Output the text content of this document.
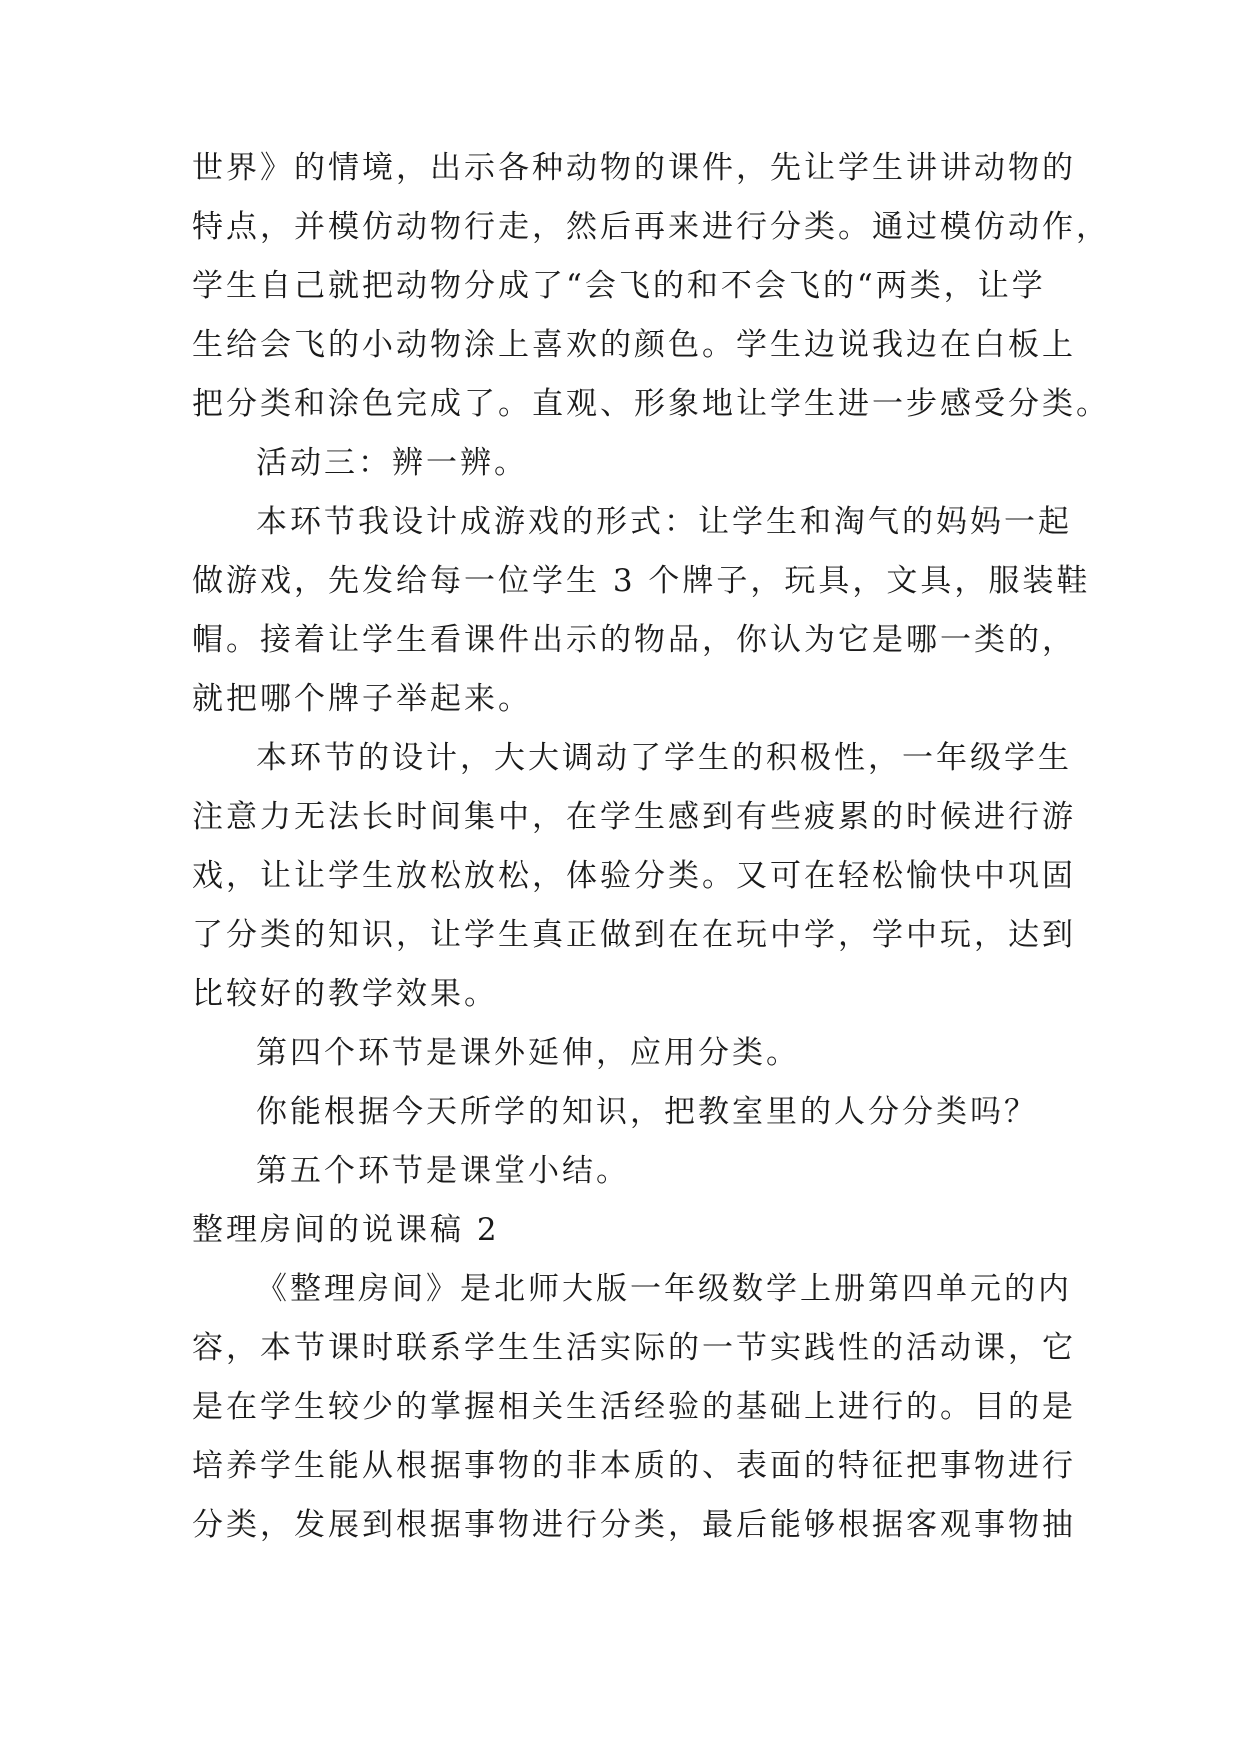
世界》的情境，出示各种动物的课件，先让学生讲讲动物的
特点，并模仿动物行走，然后再来进行分类。通过模仿动作，
学生自己就把动物分成了“会飞的和不会飞的“两类，让学
生给会飞的小动物涂上喜欢的颜色。学生边说我边在白板上
把分类和涂色完成了。直观、形象地让学生进一步感受分类。
活动三：辨一辨。
本环节我设计成游戏的形式：让学生和淘气的妈妈一起
做游戏，先发给每一位学生 3 个牌子，玩具，文具，服装鞋
帽。接着让学生看课件出示的物品，你认为它是哪一类的，
就把哪个牌子举起来。
本环节的设计，大大调动了学生的积极性，一年级学生
注意力无法长时间集中，在学生感到有些疲累的时候进行游
戏，让让学生放松放松，体验分类。又可在轻松愉快中巩固
了分类的知识，让学生真正做到在在玩中学，学中玩，达到
比较好的教学效果。
第四个环节是课外延伸，应用分类。
你能根据今天所学的知识，把教室里的人分分类吗？
第五个环节是课堂小结。
整理房间的说课稿 2
《整理房间》是北师大版一年级数学上册第四单元的内
容，本节课时联系学生生活实际的一节实践性的活动课，它
是在学生较少的掌握相关生活经验的基础上进行的。目的是
培养学生能从根据事物的非本质的、表面的特征把事物进行
分类，发展到根据事物进行分类，最后能够根据客观事物抽
